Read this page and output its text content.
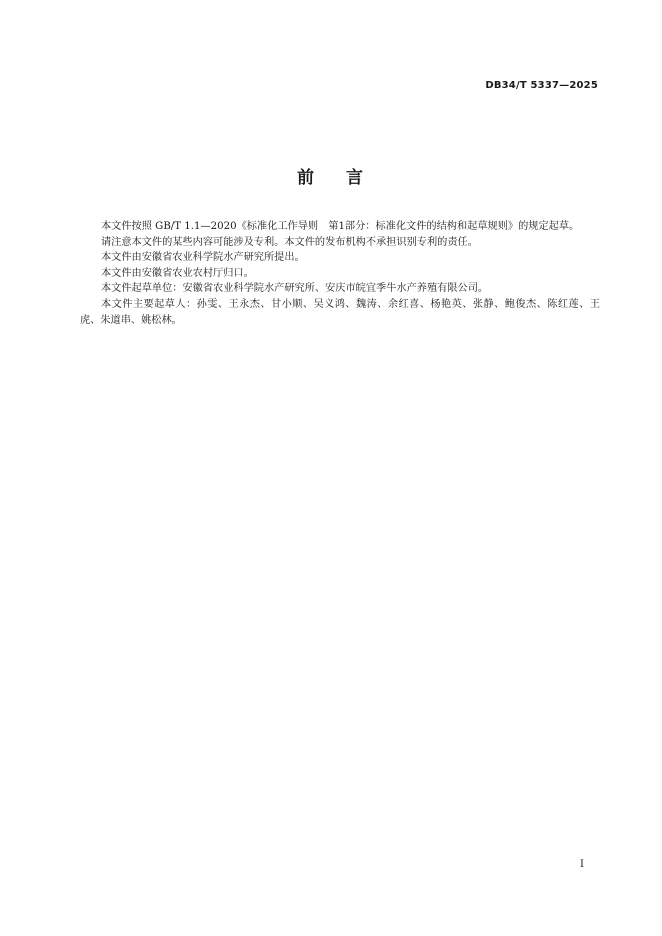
DB34/T 5337—2025
前 言

本文件按照 GB/T 1.1—2020《标准化工作导则　第1部分：标准化文件的结构和起草规则》的规定起草。

请注意本文件的某些内容可能涉及专利。本文件的发布机构不承担识别专利的责任。

本文件由安徽省农业科学院水产研究所提出。

本文件由安徽省农业农村厅归口。

本文件起草单位：安徽省农业科学院水产研究所、安庆市皖宜季牛水产养殖有限公司。

本文件主要起草人：孙雯、王永杰、甘小顺、吴义鸿、魏涛、余红喜、杨艳英、张静、鲍俊杰、陈红莲、王虎、朱道串、姚松林。

I
